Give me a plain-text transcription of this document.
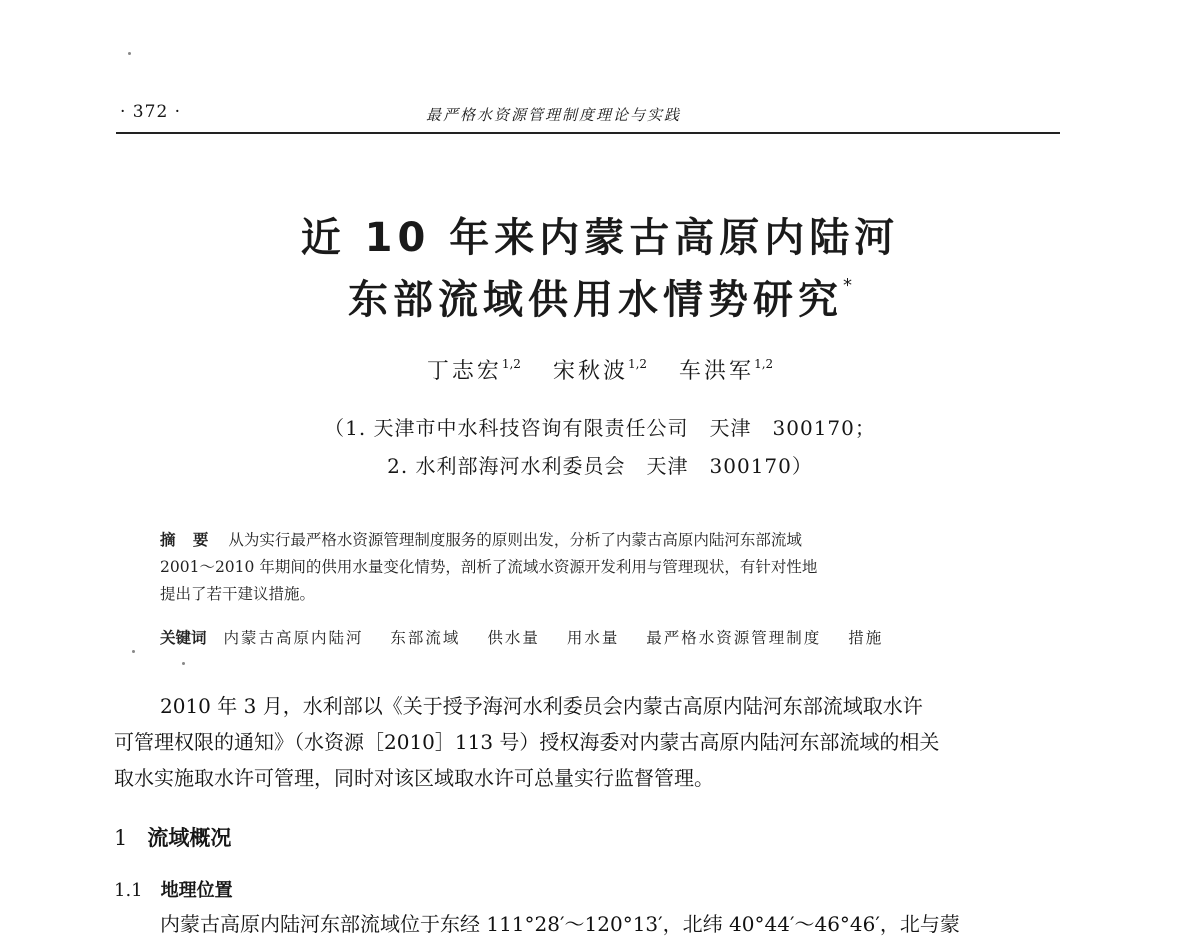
· 372 ·	最严格水资源管理制度理论与实践
近 10 年来内蒙古高原内陆河
东部流域供用水情势研究*
丁志宏$^{1,2}$ 宋秋波$^{1,2}$ 车洪军$^{1,2}$
（1. 天津市中水科技咨询有限责任公司　天津　300170；
2. 水利部海河水利委员会　天津　300170）
摘 要 从为实行最严格水资源管理制度服务的原则出发，分析了内蒙古高原内陆河东部流域
2001～2010 年期间的供用水量变化情势，剖析了流域水资源开发利用与管理现状，有针对性地
提出了若干建议措施。
关键词 内蒙古高原内陆河 东部流域 供水量 用水量 最严格水资源管理制度 措施
2010 年 3 月，水利部以《关于授予海河水利委员会内蒙古高原内陆河东部流域取水许
可管理权限的通知》（水资源［2010］113 号）授权海委对内蒙古高原内陆河东部流域的相关
取水实施取水许可管理，同时对该区域取水许可总量实行监督管理。
1 流域概况
1.1 地理位置
内蒙古高原内陆河东部流域位于东经 111°28′～120°13′，北纬 40°44′～46°46′，北与蒙
